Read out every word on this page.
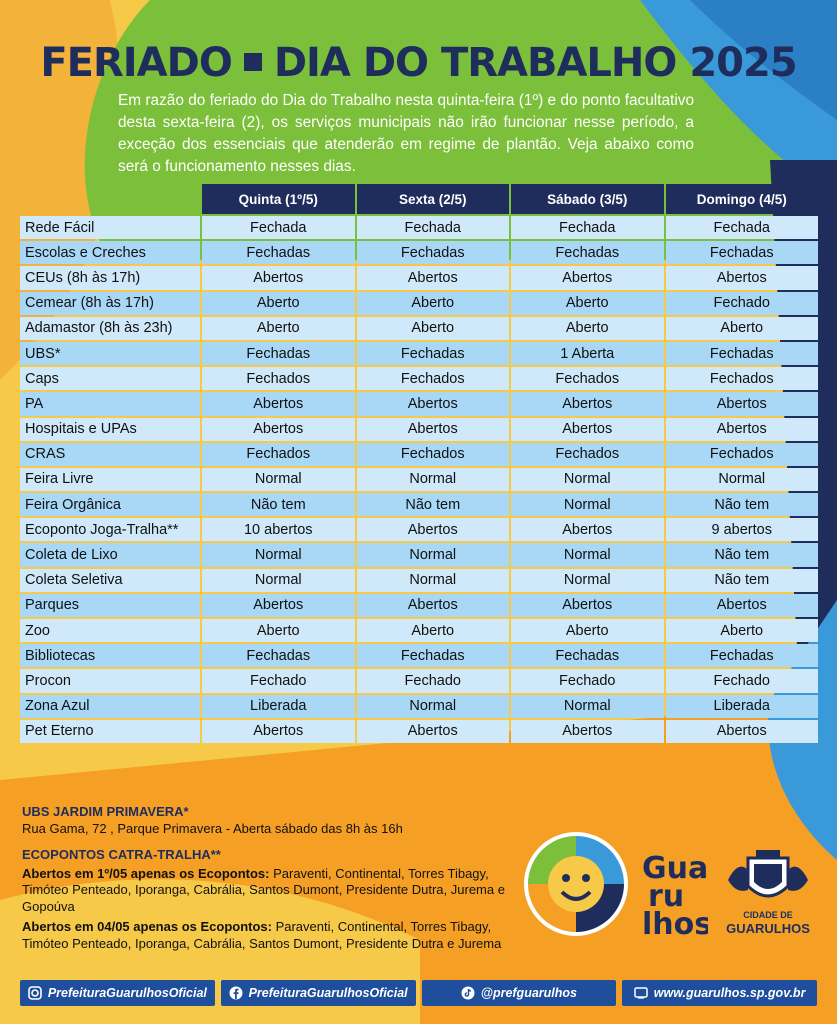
FERIADO DIA DO TRABALHO 2025
Em razão do feriado do Dia do Trabalho nesta quinta-feira (1º) e do ponto facultativo desta sexta-feira (2), os serviços municipais não irão funcionar nesse período, a exceção dos essenciais que atenderão em regime de plantão. Veja abaixo como será o funcionamento nesses dias.
	Quinta (1º/5)	Sexta (2/5)	Sábado (3/5)	Domingo (4/5)
Rede Fácil	Fechada	Fechada	Fechada	Fechada
Escolas e Creches	Fechadas	Fechadas	Fechadas	Fechadas
CEUs (8h às 17h)	Abertos	Abertos	Abertos	Abertos
Cemear (8h às 17h)	Aberto	Aberto	Aberto	Fechado
Adamastor (8h às 23h)	Aberto	Aberto	Aberto	Aberto
UBS*	Fechadas	Fechadas	1 Aberta	Fechadas
Caps	Fechados	Fechados	Fechados	Fechados
PA	Abertos	Abertos	Abertos	Abertos
Hospitais e UPAs	Abertos	Abertos	Abertos	Abertos
CRAS	Fechados	Fechados	Fechados	Fechados
Feira Livre	Normal	Normal	Normal	Normal
Feira Orgânica	Não tem	Não tem	Normal	Não tem
Ecoponto Joga-Tralha**	10 abertos	Abertos	Abertos	9 abertos
Coleta de Lixo	Normal	Normal	Normal	Não tem
Coleta Seletiva	Normal	Normal	Normal	Não tem
Parques	Abertos	Abertos	Abertos	Abertos
Zoo	Aberto	Aberto	Aberto	Aberto
Bibliotecas	Fechadas	Fechadas	Fechadas	Fechadas
Procon	Fechado	Fechado	Fechado	Fechado
Zona Azul	Liberada	Normal	Normal	Liberada
Pet Eterno	Abertos	Abertos	Abertos	Abertos

UBS JARDIM PRIMAVERA*
Rua Gama, 72 , Parque Primavera - Aberta sábado das 8h às 16h

ECOPONTOS CATRA-TRALHA**

Abertos em 1º/05 apenas os Ecopontos: Paraventi, Continental, Torres Tibagy, Timóteo Penteado, Iporanga, Cabrália, Santos Dumont, Presidente Dutra, Jurema e Gopoúva

Abertos em 04/05 apenas os Ecopontos: Paraventi, Continental, Torres Tibagy, Timóteo Penteado, Iporanga, Cabrália, Santos Dumont, Presidente Dutra e Jurema

Gua
ru
lhos	CIDADE DE
GUARULHOS
PrefeituraGuarulhosOficial	PrefeituraGuarulhosOficial	@prefguarulhos	www.guarulhos.sp.gov.br
